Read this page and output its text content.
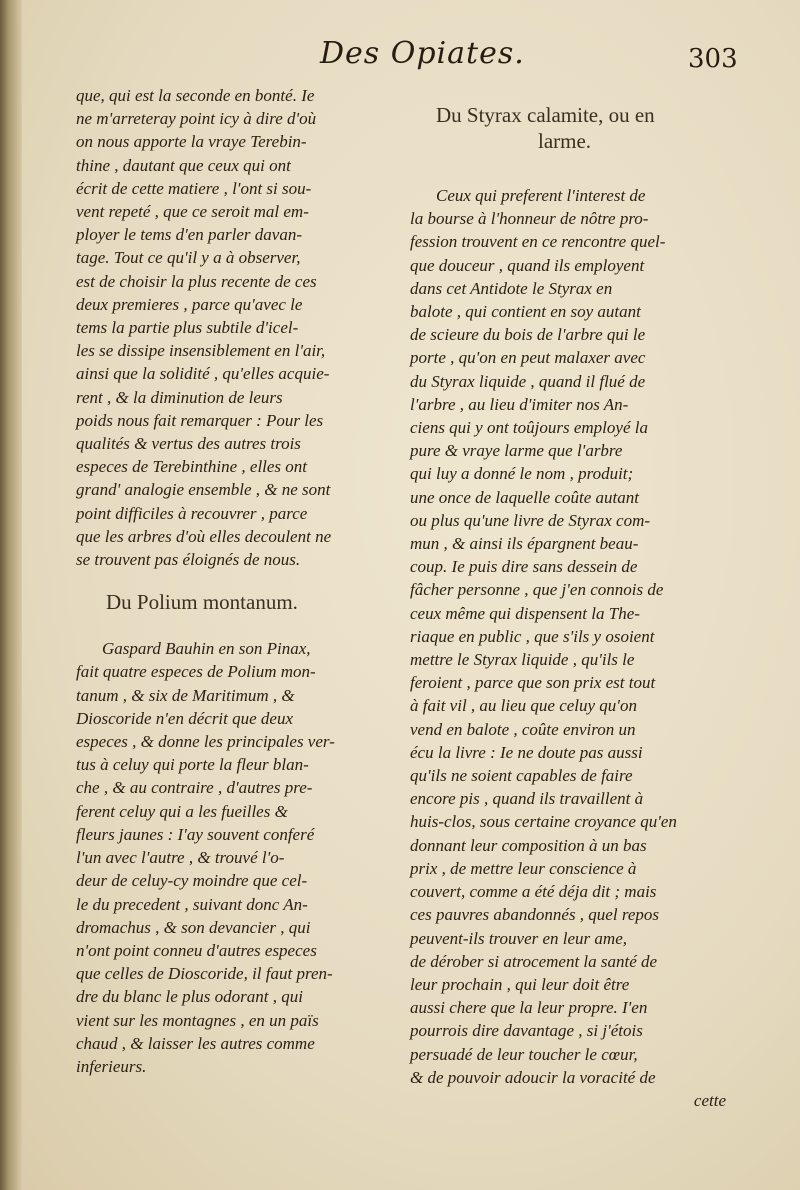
Des Opiates.	303
que, qui est la seconde en bonté. Ie
ne m'arreteray point icy à dire d'où
on nous apporte la vraye Terebin-
thine , dautant que ceux qui ont
écrit de cette matiere , l'ont si sou-
vent repeté , que ce seroit mal em-
ployer le tems d'en parler davan-
tage. Tout ce qu'il y a à observer,
est de choisir la plus recente de ces
deux premieres , parce qu'avec le
tems la partie plus subtile d'icel-
les se dissipe insensiblement en l'air,
ainsi que la solidité , qu'elles acquie-
rent , & la diminution de leurs
poids nous fait remarquer : Pour les
qualités & vertus des autres trois
especes de Terebinthine , elles ont
grand' analogie ensemble , & ne sont
point difficiles à recouvrer , parce
que les arbres d'où elles decoulent ne
se trouvent pas éloignés de nous.
Du Polium montanum.
Gaspard Bauhin en son Pinax,
fait quatre especes de Polium mon-
tanum , & six de Maritimum , &
Dioscoride n'en décrit que deux
especes , & donne les principales ver-
tus à celuy qui porte la fleur blan-
che , & au contraire , d'autres pre-
ferent celuy qui a les fueilles &
fleurs jaunes : I'ay souvent conferé
l'un avec l'autre , & trouvé l'o-
deur de celuy-cy moindre que cel-
le du precedent , suivant donc An-
dromachus , & son devancier , qui
n'ont point conneu d'autres especes
que celles de Dioscoride, il faut pren-
dre du blanc le plus odorant , qui
vient sur les montagnes , en un païs
chaud , & laisser les autres comme
inferieurs.
Du Styrax calamite, ou en
larme.
Ceux qui preferent l'interest de
la bourse à l'honneur de nôtre pro-
fession trouvent en ce rencontre quel-
que douceur , quand ils employent
dans cet Antidote le Styrax en
balote , qui contient en soy autant
de scieure du bois de l'arbre qui le
porte , qu'on en peut malaxer avec
du Styrax liquide , quand il flué de
l'arbre , au lieu d'imiter nos An-
ciens qui y ont toûjours employé la
pure & vraye larme que l'arbre
qui luy a donné le nom , produit;
une once de laquelle coûte autant
ou plus qu'une livre de Styrax com-
mun , & ainsi ils épargnent beau-
coup. Ie puis dire sans dessein de
fâcher personne , que j'en connois de
ceux même qui dispensent la The-
riaque en public , que s'ils y osoient
mettre le Styrax liquide , qu'ils le
feroient , parce que son prix est tout
à fait vil , au lieu que celuy qu'on
vend en balote , coûte environ un
écu la livre : Ie ne doute pas aussi
qu'ils ne soient capables de faire
encore pis , quand ils travaillent à
huis-clos, sous certaine croyance qu'en
donnant leur composition à un bas
prix , de mettre leur conscience à
couvert, comme a été déja dit ; mais
ces pauvres abandonnés , quel repos
peuvent-ils trouver en leur ame,
de dérober si atrocement la santé de
leur prochain , qui leur doit être
aussi chere que la leur propre. I'en
pourrois dire davantage , si j'étois
persuadé de leur toucher le cœur,
& de pouvoir adoucir la voracité de
cette
